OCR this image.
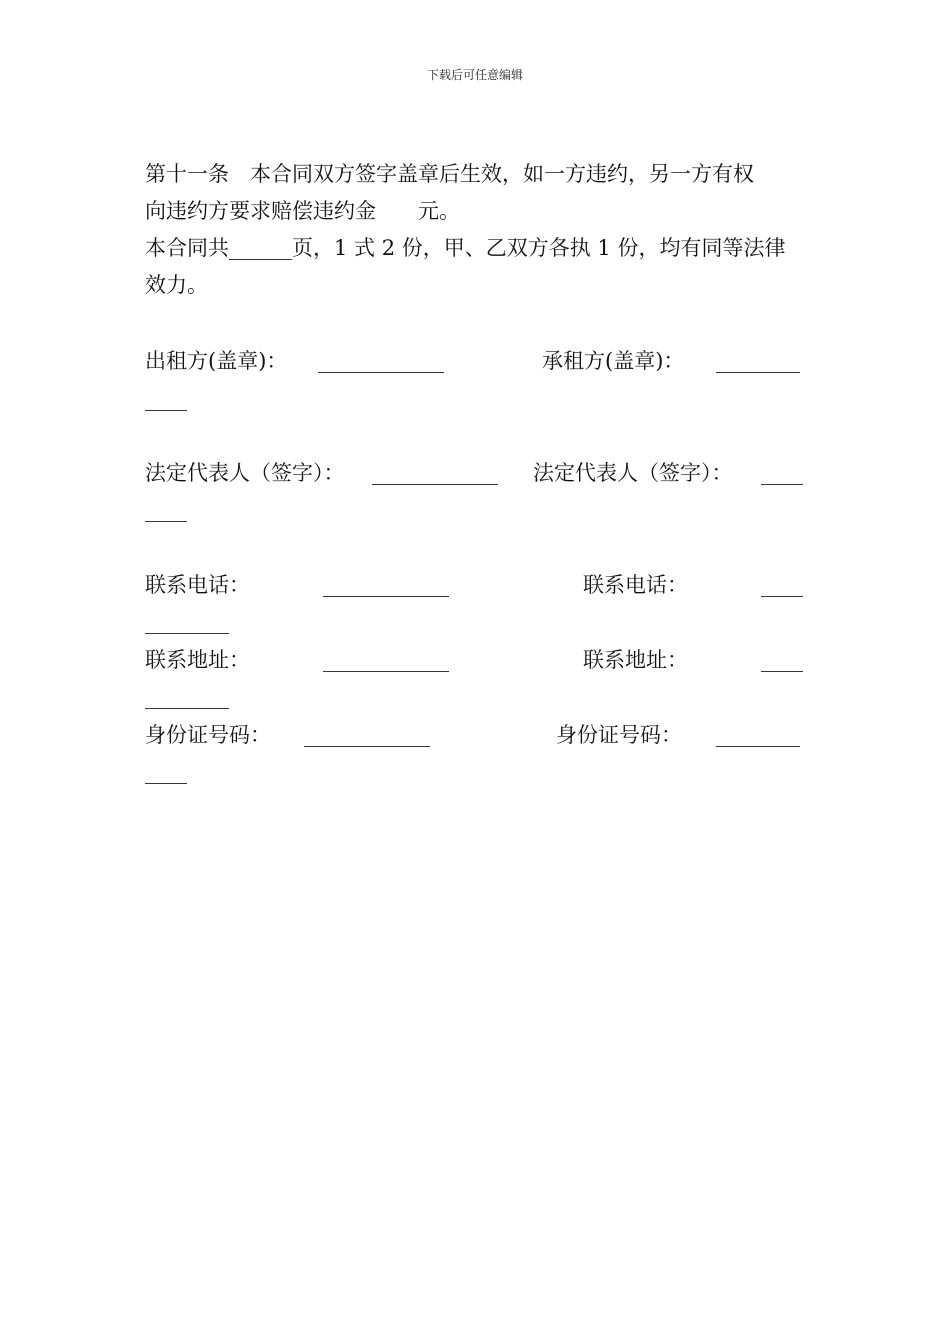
下载后可任意编辑
第十一条　本合同双方签字盖章后生效，如一方违约，另一方有权
向违约方要求赔偿违约金　　元。
本合同共______页，1 式 2 份，甲、乙双方各执 1 份，均有同等法律
效力。
出租方(盖章)： ____________	承租方(盖章)： ________
____
法定代表人（签字）： ____________ 法定代表人（签字）： ____
____
联系电话：	____________	联系电话：	____
________
联系地址：	____________	联系地址：	____
________
身份证号码： ____________	身份证号码： ________
____
